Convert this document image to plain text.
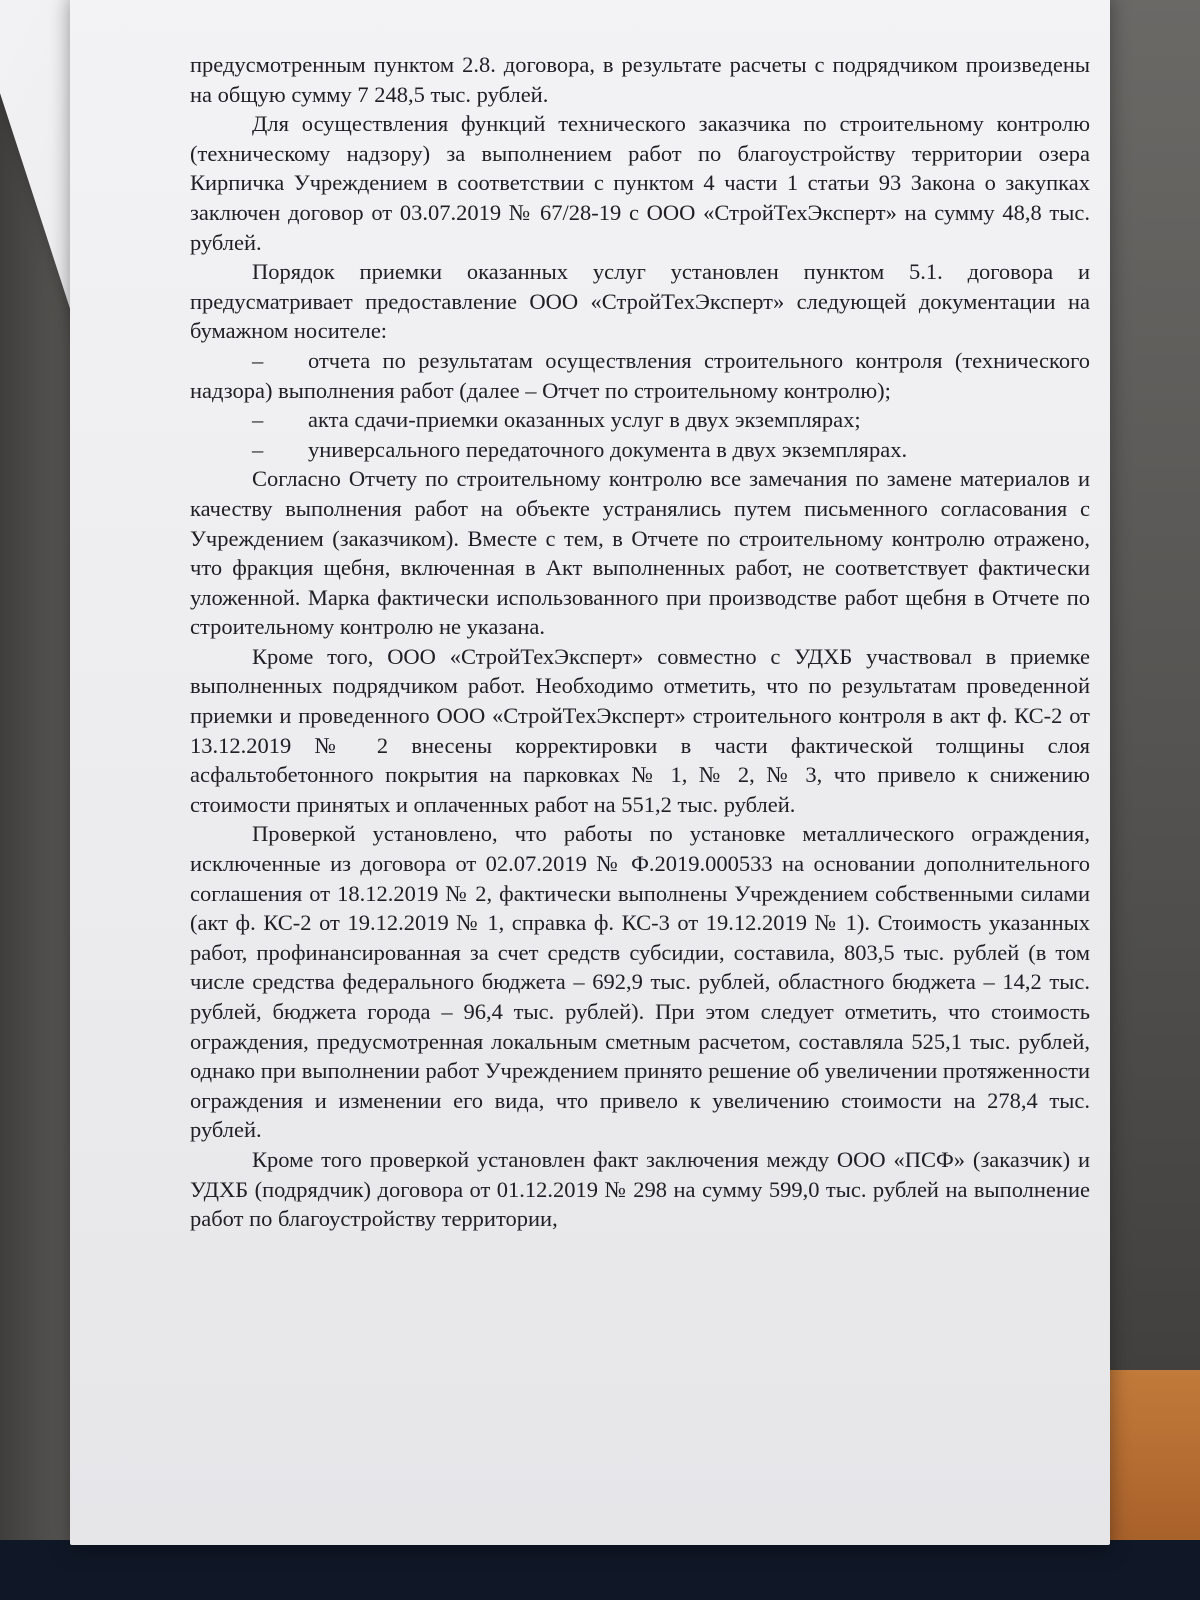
предусмотренным пунктом 2.8. договора, в результате расчеты с подрядчиком произведены на общую сумму 7 248,5 тыс. рублей.

Для осуществления функций технического заказчика по строительному контролю (техническому надзору) за выполнением работ по благоустройству территории озера Кирпичка Учреждением в соответствии с пунктом 4 части 1 статьи 93 Закона о закупках заключен договор от 03.07.2019 № 67/28-19 с ООО «СтройТехЭксперт» на сумму 48,8 тыс. рублей.

Порядок приемки оказанных услуг установлен пунктом 5.1. договора и предусматривает предоставление ООО «СтройТехЭксперт» следующей документации на бумажном носителе:

– отчета по результатам осуществления строительного контроля (технического надзора) выполнения работ (далее – Отчет по строительному контролю);

– акта сдачи-приемки оказанных услуг в двух экземплярах;

– универсального передаточного документа в двух экземплярах.

Согласно Отчету по строительному контролю все замечания по замене материалов и качеству выполнения работ на объекте устранялись путем письменного согласования с Учреждением (заказчиком). Вместе с тем, в Отчете по строительному контролю отражено, что фракция щебня, включенная в Акт выполненных работ, не соответствует фактически уложенной. Марка фактически использованного при производстве работ щебня в Отчете по строительному контролю не указана.

Кроме того, ООО «СтройТехЭксперт» совместно с УДХБ участвовал в приемке выполненных подрядчиком работ. Необходимо отметить, что по результатам проведенной приемки и проведенного ООО «СтройТехЭксперт» строительного контроля в акт ф. КС-2 от 13.12.2019 № 2 внесены корректировки в части фактической толщины слоя асфальтобетонного покрытия на парковках № 1, № 2, № 3, что привело к снижению стоимости принятых и оплаченных работ на 551,2 тыс. рублей.

Проверкой установлено, что работы по установке металлического ограждения, исключенные из договора от 02.07.2019 № Ф.2019.000533 на основании дополнительного соглашения от 18.12.2019 № 2, фактически выполнены Учреждением собственными силами (акт ф. КС-2 от 19.12.2019 № 1, справка ф. КС-3 от 19.12.2019 № 1). Стоимость указанных работ, профинансированная за счет средств субсидии, составила, 803,5 тыс. рублей (в том числе средства федерального бюджета – 692,9 тыс. рублей, областного бюджета – 14,2 тыс. рублей, бюджета города – 96,4 тыс. рублей). При этом следует отметить, что стоимость ограждения, предусмотренная локальным сметным расчетом, составляла 525,1 тыс. рублей, однако при выполнении работ Учреждением принято решение об увеличении протяженности ограждения и изменении его вида, что привело к увеличению стоимости на 278,4 тыс. рублей.

Кроме того проверкой установлен факт заключения между ООО «ПСФ» (заказчик) и УДХБ (подрядчик) договора от 01.12.2019 № 298 на сумму 599,0 тыс. рублей на выполнение работ по благоустройству территории,
